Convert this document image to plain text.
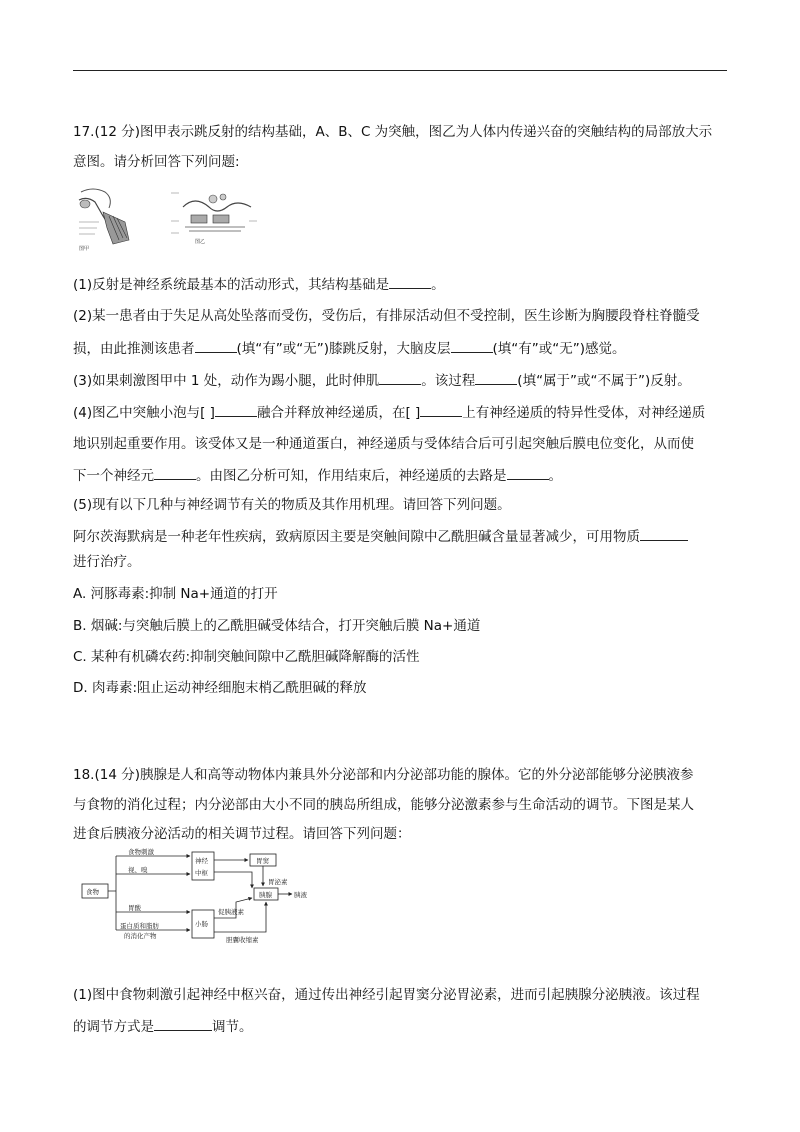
17.(12 分)图甲表示跳反射的结构基础，A、B、C 为突触，图乙为人体内传递兴奋的突触结构的局部放大示
意图。请分析回答下列问题:
图甲
图乙
(1)反射是神经系统最基本的活动形式，其结构基础是	。
(2)某一患者由于失足从高处坠落而受伤，受伤后，有排尿活动但不受控制，医生诊断为胸腰段脊柱脊髓受
损，由此推测该患者	(填“有”或“无”)膝跳反射，大脑皮层	(填“有”或“无”)感觉。
(3)如果刺激图甲中 1 处，动作为踢小腿，此时伸肌	。该过程	(填“属于”或“不属于”)反射。
(4)图乙中突触小泡与[ ]	融合并释放神经递质，在[ ]	上有神经递质的特异性受体，对神经递质
地识别起重要作用。该受体又是一种通道蛋白，神经递质与受体结合后可引起突触后膜电位变化，从而使
下一个神经元	。由图乙分析可知，作用结束后，神经递质的去路是	。
(5)现有以下几种与神经调节有关的物质及其作用机理。请回答下列问题。
阿尔茨海默病是一种老年性疾病，致病原因主要是突触间隙中乙酰胆碱含量显著减少，可用物质
进行治疗。
A. 河豚毒素:抑制 Na+通道的打开
B. 烟碱:与突触后膜上的乙酰胆碱受体结合，打开突触后膜 Na+通道
C. 某种有机磷农药:抑制突触间隙中乙酰胆碱降解酶的活性
D. 肉毒素:阻止运动神经细胞末梢乙酰胆碱的释放
18.(14 分)胰腺是人和高等动物体内兼具外分泌部和内分泌部功能的腺体。它的外分泌部能够分泌胰液参
与食物的消化过程；内分泌部由大小不同的胰岛所组成，能够分泌激素参与生命活动的调节。下图是某人
进食后胰液分泌活动的相关调节过程。请回答下列问题：
食物
食物刺激
视、嗅
胃酸
蛋白质和脂肪
的消化产物
神经
中枢
胃窦
胰腺
胃泌素
胰液
小肠
促胰液素
胆囊收缩素
(1)图中食物刺激引起神经中枢兴奋，通过传出神经引起胃窦分泌胃泌素，进而引起胰腺分泌胰液。该过程
的调节方式是	调节。
